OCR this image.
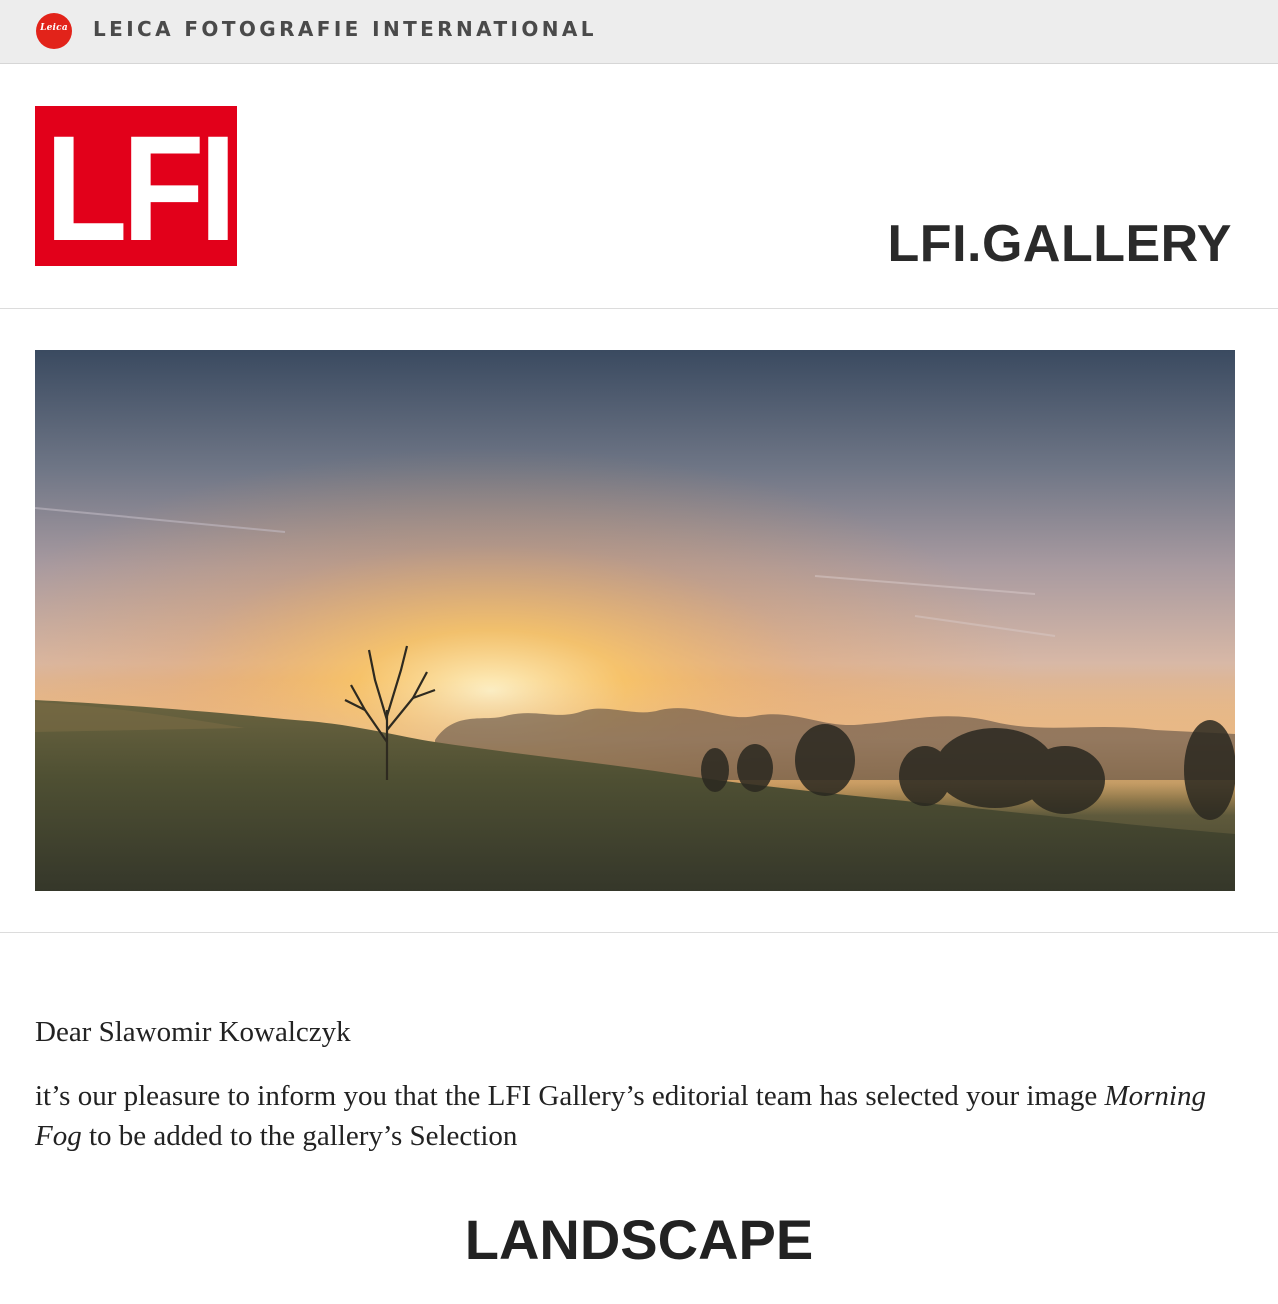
Leica LEICA FOTOGRAFIE INTERNATIONAL
LFI	LFI.GALLERY

Dear Slawomir Kowalczyk

it’s our pleasure to inform you that the LFI Gallery’s editorial team has selected your image Morning Fog to be added to the gallery’s Selection

LANDSCAPE
